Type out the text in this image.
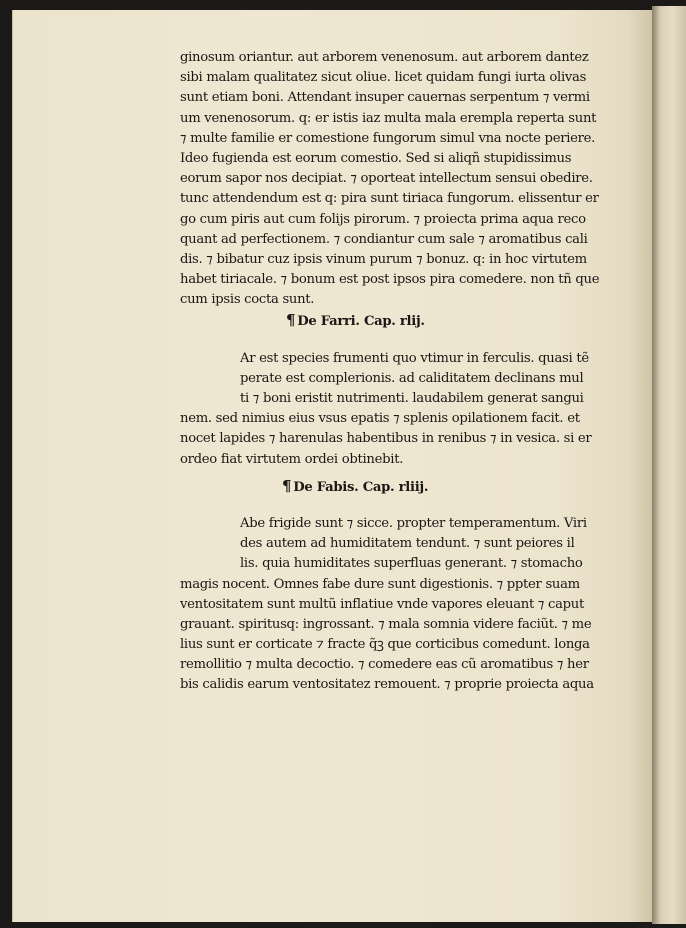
ginosum oriantur. aut arborem venenosum. aut arborem dantez
sibi malam qualitatez sicut oliue. licet quidam fungi iurta olivas
sunt etiam boni. Attendant insuper cauernas serpentum ⁊ vermi
um venenosorum. q: er istis iaz multa mala erempla reperta sunt
⁊ multe familie er comestione fungorum simul vna nocte periere.
Ideo fugienda est eorum comestio. Sed si aliqñ stupidissimus
eorum sapor nos decipiat. ⁊ oporteat intellectum sensui obedire.
tunc attendendum est q: pira sunt tiriaca fungorum. elissentur er
go cum piris aut cum folijs pirorum. ⁊ proiecta prima aqua reco
quant ad perfectionem. ⁊ condiantur cum sale ⁊ aromatibus cali
dis. ⁊ bibatur cuz ipsis vinum purum ⁊ bonuz. q: in hoc virtutem
habet tiriacale. ⁊ bonum est post ipsos pira comedere. non tñ que
cum ipsis cocta sunt.
¶ De Farri. Cap. rlij.
Ar est species frumenti quo vtimur in ferculis. quasi tẽ
perate est complerionis. ad caliditatem declinans mul
ti ⁊ boni eristit nutrimenti. laudabilem generat sangui
nem. sed nimius eius vsus epatis ⁊ splenis opilationem facit. et
nocet lapides ⁊ harenulas habentibus in renibus ⁊ in vesica. si er
ordeo fiat virtutem ordei obtinebit.
¶ De Fabis. Cap. rliij.
Abe frigide sunt ⁊ sicce. propter temperamentum. Viri
des autem ad humiditatem tendunt. ⁊ sunt peiores il
lis. quia humiditates superfluas generant. ⁊ stomacho
magis nocent. Omnes fabe dure sunt digestionis. ⁊ ppter suam
ventositatem sunt multũ inflatiue vnde vapores eleuant ⁊ caput
grauant. spiritusq: ingrossant. ⁊ mala somnia videre faciũt. ⁊ me
lius sunt er corticate ⁊ fracte q̃ꝫ que corticibus comedunt. longa
remollitio ⁊ multa decoctio. ⁊ comedere eas cũ aromatibus ⁊ her
bis calidis earum ventositatez remouent. ⁊ proprie proiecta aqua
